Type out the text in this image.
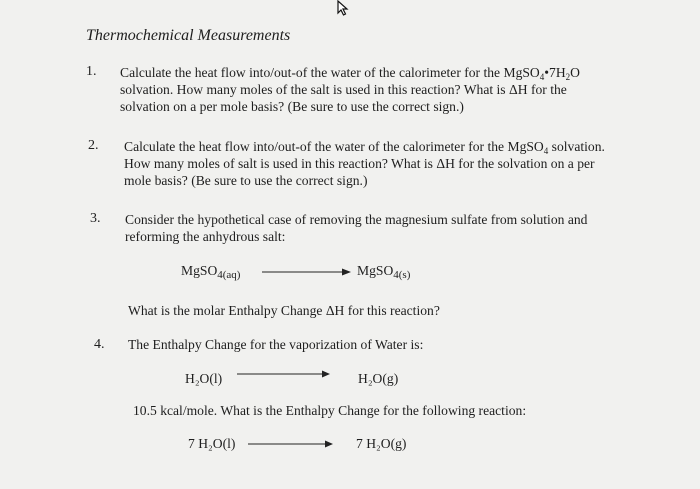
Thermochemical Measurements
1. Calculate the heat flow into/out-of the water of the calorimeter for the $MgSO_4•7H_2O$
solvation. How many moles of the salt is used in this reaction? What is ΔH for the
solvation on a per mole basis? (Be sure to use the correct sign.)
2. Calculate the heat flow into/out-of the water of the calorimeter for the MgSO$_4$ solvation.
How many moles of salt is used in this reaction? What is ΔH for the solvation on a per
mole basis? (Be sure to use the correct sign.)
3. Consider the hypothetical case of removing the magnesium sulfate from solution and
reforming the anhydrous salt:
MgSO$_{4(aq)}$	MgSO$_{4(s)}$
What is the molar Enthalpy Change ΔH for this reaction?
4. The Enthalpy Change for the vaporization of Water is:
H₂O(l)	H₂O(g)
10.5 kcal/mole. What is the Enthalpy Change for the following reaction:
7 H₂O(l)	7 H₂O(g)
